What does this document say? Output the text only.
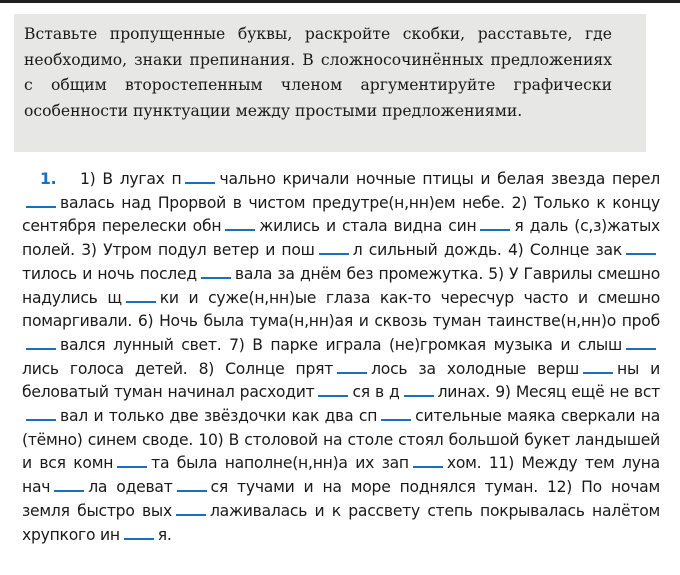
Вставьте пропущенные буквы, раскройте скобки, расставьте, где необходимо, знаки препинания. В сложносочинённых предложениях с общим второстепенным членом аргументируйте графически особенности пунктуации между простыми предложениями.

1. 1) В лугах п чально кричали ночные птицы и белая звезда перелвалась над Прорвой в чистом предутре(н,нн)ем небе. 2) Только к концу сентября перелески обн жились и стала видна син я даль (с,з)жатых полей. 3) Утром подул ветер и пош л сильный дождь. 4) Солнце зактилось и ночь послед вала за днём без промежутка. 5) У Гаврилы смешно надулись щ ки и суже(н,нн)ые глаза как-то чересчур часто и смешно помаргивали. 6) Ночь была тума(н,нн)ая и сквозь туман таинстве(н,нн)о пробвался лунный свет. 7) В парке играла (не)громкая музыка и слышлись голоса детей. 8) Солнце прят лось за холодные верш ны и беловатый туман начинал расходит ся в д линах. 9) Месяц ещё не вствал и только две звёздочки как два сп сительные маяка сверкали на (тёмно) синем своде. 10) В столовой на столе стоял большой букет ландышей и вся комн та была наполне(н,нн)а их зап хом. 11) Между тем луна нач ла одеват ся тучами и на море поднялся туман. 12) По ночам земля быстро вых лаживалась и к рассвету степь покрывалась налётом хрупкого ин я.
